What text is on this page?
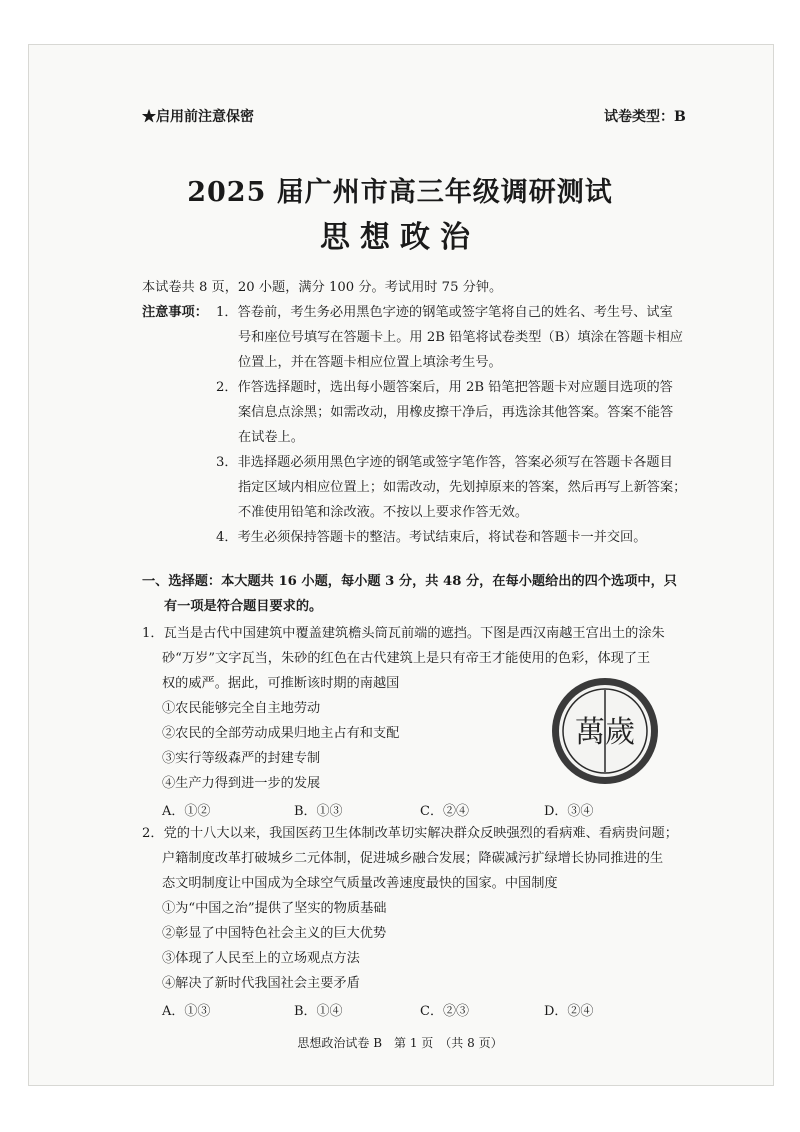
★启用前注意保密	试卷类型：B
2025 届广州市高三年级调研测试
思想政治
本试卷共 8 页，20 小题，满分 100 分。考试用时 75 分钟。
注意事项： 1．答卷前，考生务必用黑色字迹的钢笔或签字笔将自己的姓名、考生号、试室
号和座位号填写在答题卡上。用 2B 铅笔将试卷类型（B）填涂在答题卡相应
位置上，并在答题卡相应位置上填涂考生号。
2．作答选择题时，选出每小题答案后，用 2B 铅笔把答题卡对应题目选项的答
案信息点涂黑；如需改动，用橡皮擦干净后，再选涂其他答案。答案不能答
在试卷上。
3．非选择题必须用黑色字迹的钢笔或签字笔作答，答案必须写在答题卡各题目
指定区域内相应位置上；如需改动，先划掉原来的答案，然后再写上新答案；
不准使用铅笔和涂改液。不按以上要求作答无效。
4．考生必须保持答题卡的整洁。考试结束后，将试卷和答题卡一并交回。
一、选择题：本大题共 16 小题，每小题 3 分，共 48 分，在每小题给出的四个选项中，只
有一项是符合题目要求的。
1．瓦当是古代中国建筑中覆盖建筑檐头筒瓦前端的遮挡。下图是西汉南越王宫出土的涂朱
砂“万岁”文字瓦当，朱砂的红色在古代建筑上是只有帝王才能使用的色彩，体现了王
权的威严。据此，可推断该时期的南越国
①农民能够完全自主地劳动
②农民的全部劳动成果归地主占有和支配
③实行等级森严的封建专制
④生产力得到进一步的发展
A．①②	B．①③	C．②④	D．③④
萬歲
2．党的十八大以来，我国医药卫生体制改革切实解决群众反映强烈的看病难、看病贵问题；
户籍制度改革打破城乡二元体制，促进城乡融合发展；降碳减污扩绿增长协同推进的生
态文明制度让中国成为全球空气质量改善速度最快的国家。中国制度
①为“中国之治”提供了坚实的物质基础
②彰显了中国特色社会主义的巨大优势
③体现了人民至上的立场观点方法
④解决了新时代我国社会主要矛盾
A．①③	B．①④	C．②③	D．②④
思想政治试卷 B　第 1 页　（共 8 页）
